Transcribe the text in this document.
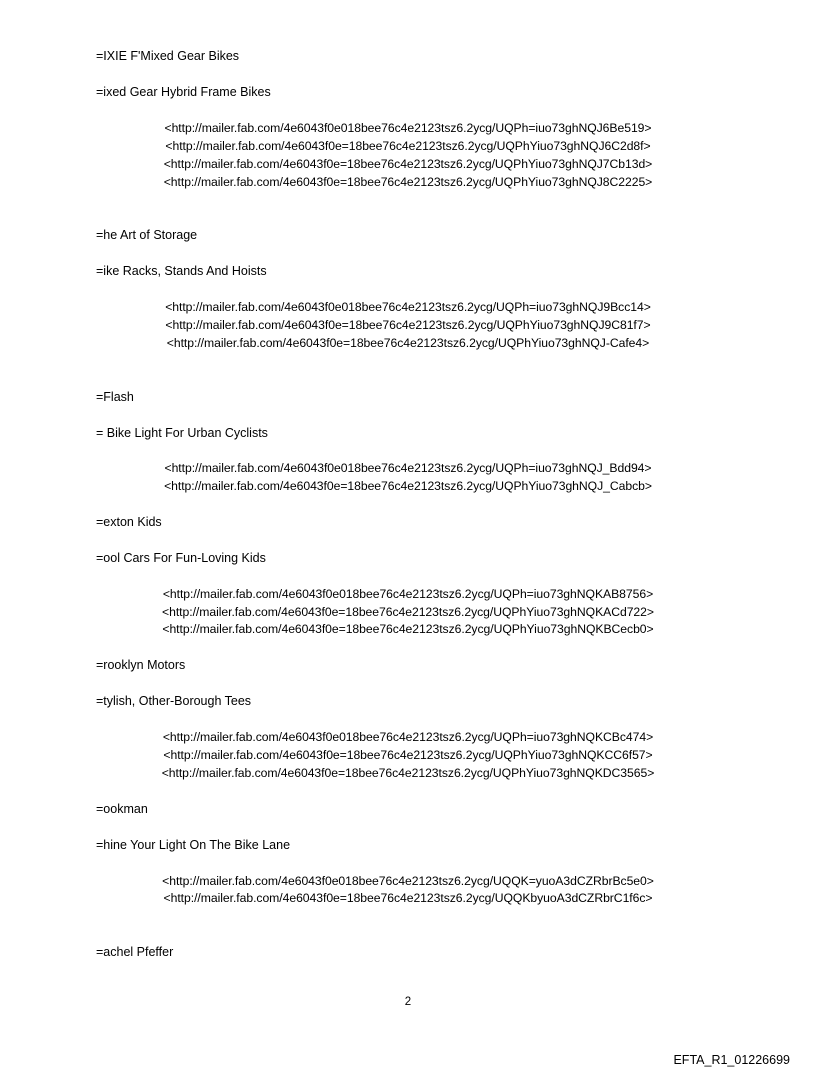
=IXIE F'Mixed Gear Bikes
=ixed Gear Hybrid Frame Bikes
<http://mailer.fab.com/4e6043f0e018bee76c4e2123tsz6.2ycg/UQPh=iuo73ghNQJ6Be519>
<http://mailer.fab.com/4e6043f0e=18bee76c4e2123tsz6.2ycg/UQPhYiuo73ghNQJ6C2d8f>
<http://mailer.fab.com/4e6043f0e=18bee76c4e2123tsz6.2ycg/UQPhYiuo73ghNQJ7Cb13d>
<http://mailer.fab.com/4e6043f0e=18bee76c4e2123tsz6.2ycg/UQPhYiuo73ghNQJ8C2225>
=he Art of Storage
=ike Racks, Stands And Hoists
<http://mailer.fab.com/4e6043f0e018bee76c4e2123tsz6.2ycg/UQPh=iuo73ghNQJ9Bcc14>
<http://mailer.fab.com/4e6043f0e=18bee76c4e2123tsz6.2ycg/UQPhYiuo73ghNQJ9C81f7>
<http://mailer.fab.com/4e6043f0e=18bee76c4e2123tsz6.2ycg/UQPhYiuo73ghNQJ-Cafe4>
=Flash
= Bike Light For Urban Cyclists
<http://mailer.fab.com/4e6043f0e018bee76c4e2123tsz6.2ycg/UQPh=iuo73ghNQJ_Bdd94>
<http://mailer.fab.com/4e6043f0e=18bee76c4e2123tsz6.2ycg/UQPhYiuo73ghNQJ_Cabcb>
=exton Kids
=ool Cars For Fun-Loving Kids
<http://mailer.fab.com/4e6043f0e018bee76c4e2123tsz6.2ycg/UQPh=iuo73ghNQKAB8756>
<http://mailer.fab.com/4e6043f0e=18bee76c4e2123tsz6.2ycg/UQPhYiuo73ghNQKACd722>
<http://mailer.fab.com/4e6043f0e=18bee76c4e2123tsz6.2ycg/UQPhYiuo73ghNQKBCecb0>
=rooklyn Motors
=tylish, Other-Borough Tees
<http://mailer.fab.com/4e6043f0e018bee76c4e2123tsz6.2ycg/UQPh=iuo73ghNQKCBc474>
<http://mailer.fab.com/4e6043f0e=18bee76c4e2123tsz6.2ycg/UQPhYiuo73ghNQKCC6f57>
<http://mailer.fab.com/4e6043f0e=18bee76c4e2123tsz6.2ycg/UQPhYiuo73ghNQKDC3565>
=ookman
=hine Your Light On The Bike Lane
<http://mailer.fab.com/4e6043f0e018bee76c4e2123tsz6.2ycg/UQQK=yuoA3dCZRbrBc5e0>
<http://mailer.fab.com/4e6043f0e=18bee76c4e2123tsz6.2ycg/UQQKbyuoA3dCZRbrC1f6c>
=achel Pfeffer
2
EFTA_R1_01226699
